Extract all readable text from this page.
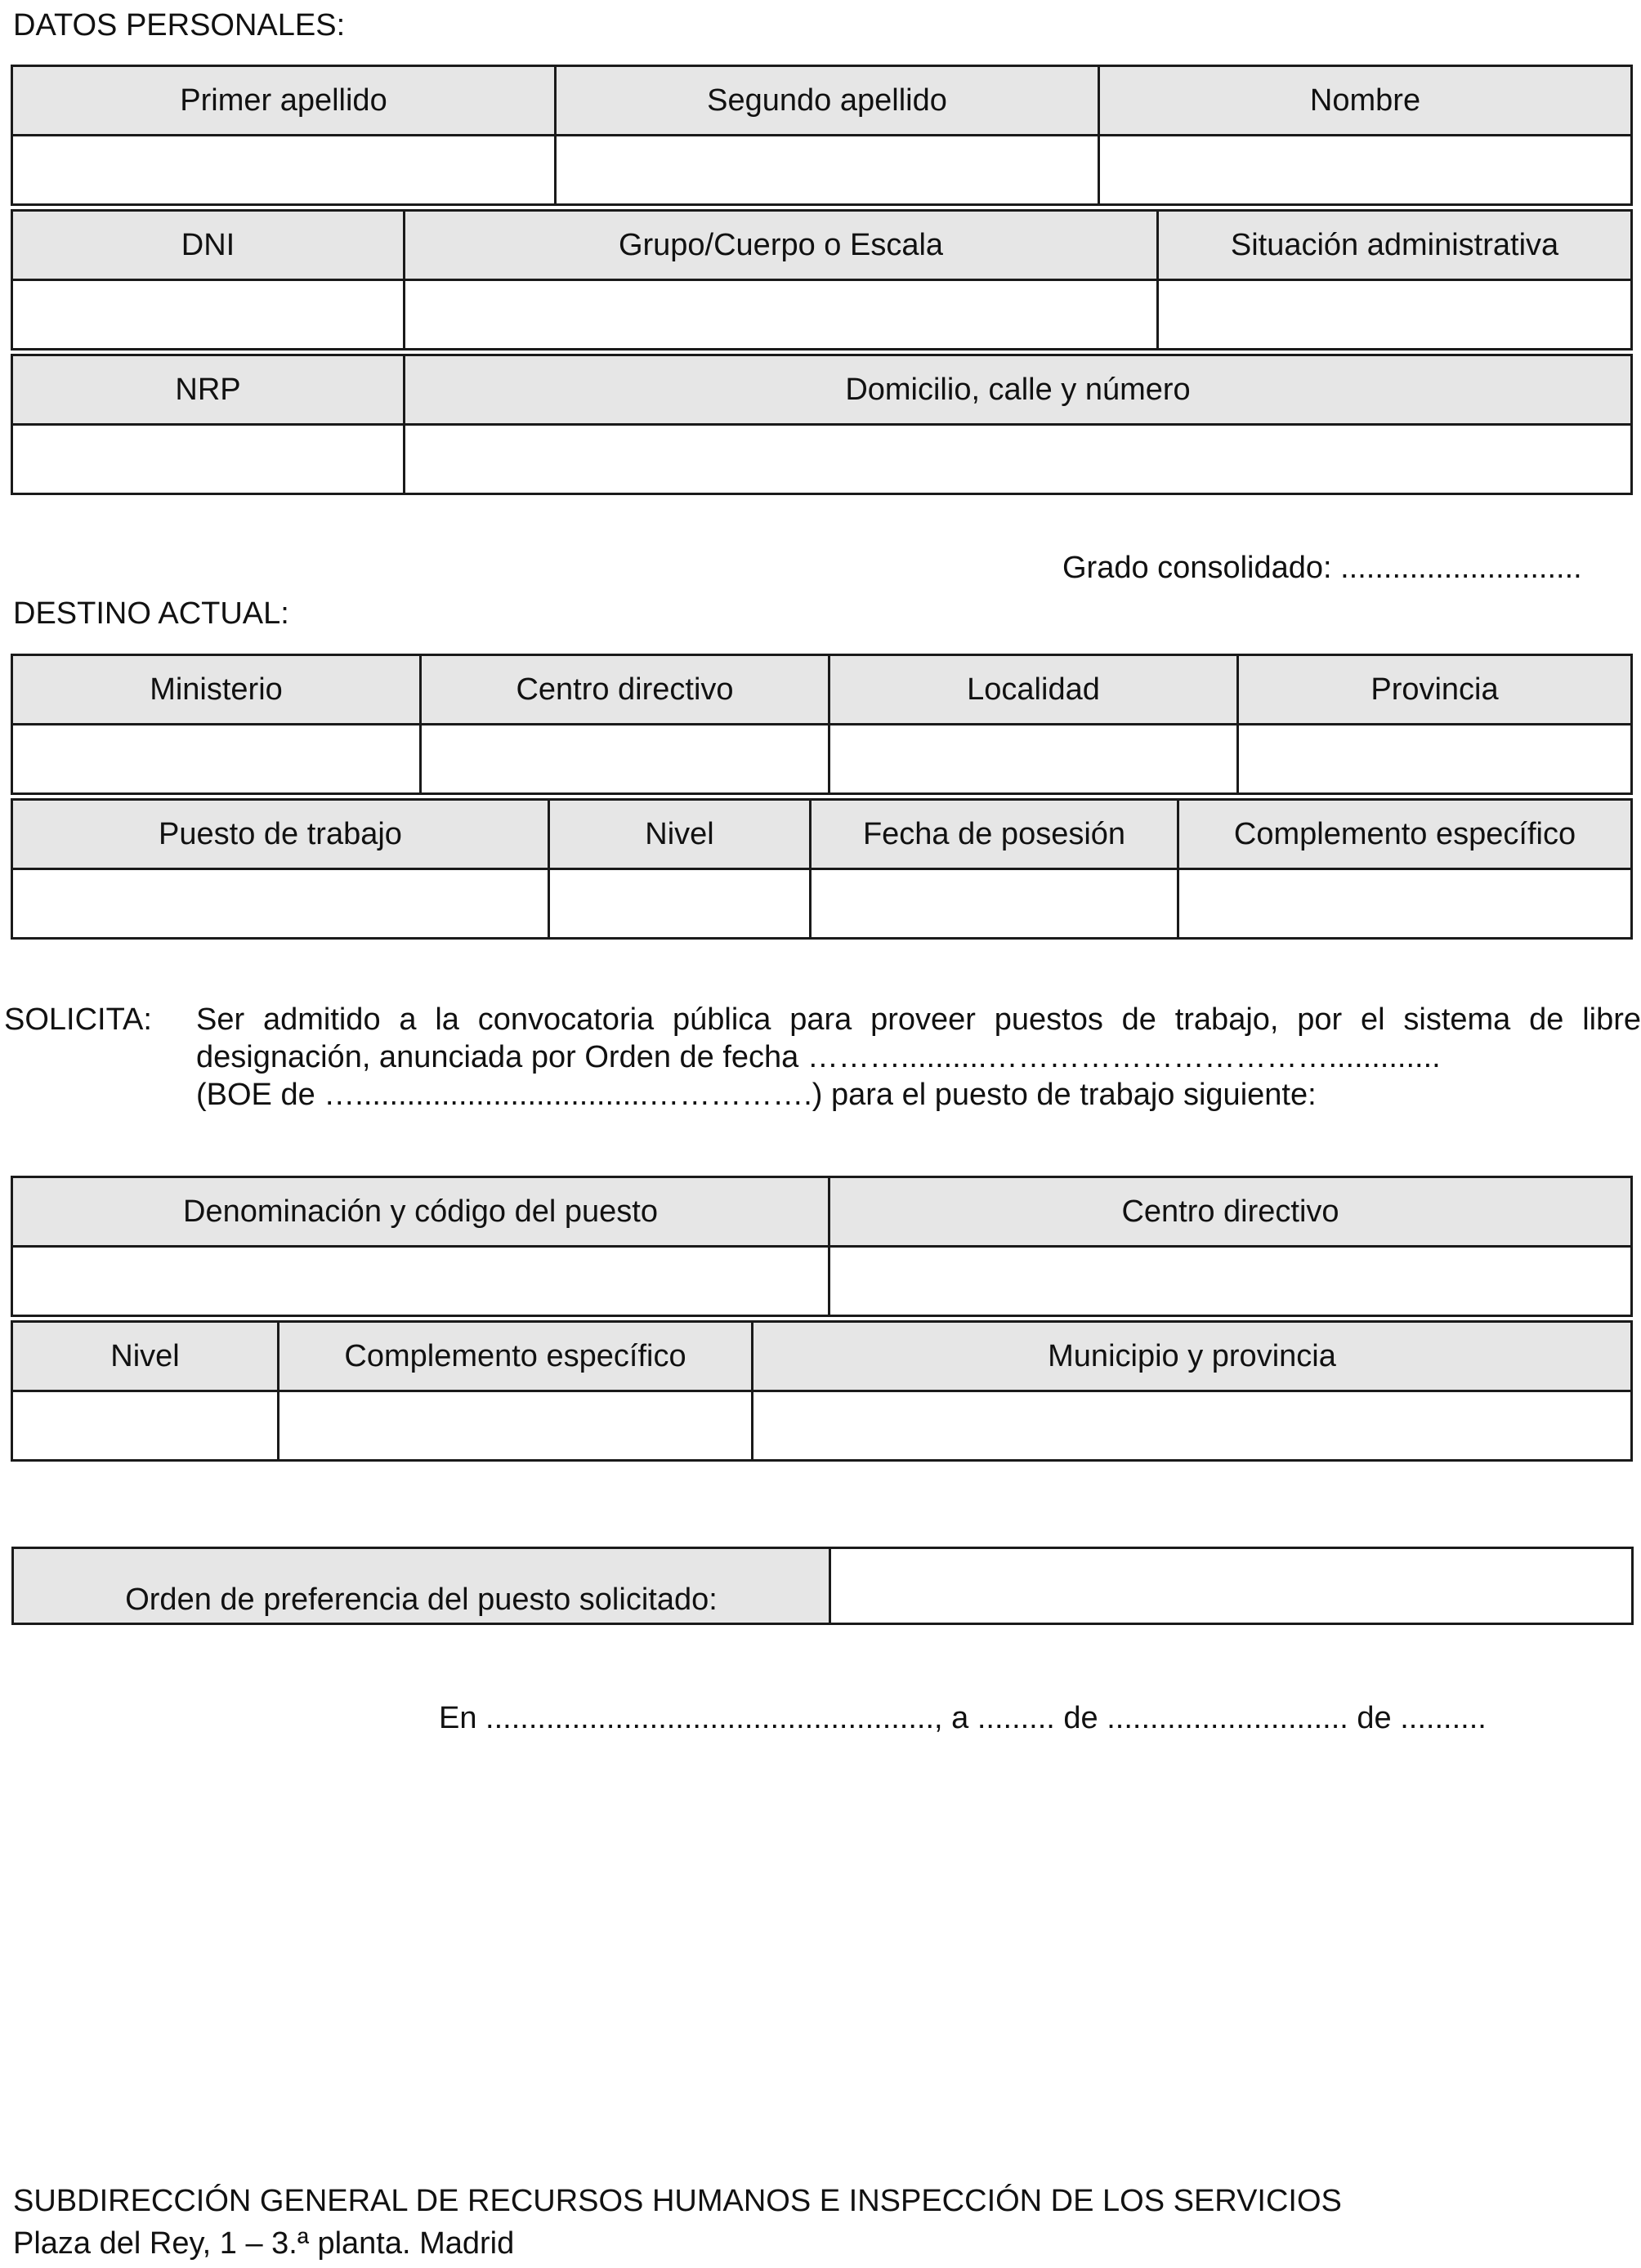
DATOS PERSONALES:
Primer apellido	Segundo apellido	Nombre

DNI	Grupo/Cuerpo o Escala	Situación administrativa

NRP	Domicilio, calle y número

Grado consolidado: ............................
DESTINO ACTUAL:
Ministerio	Centro directivo	Localidad	Provincia

Puesto de trabajo	Nivel	Fecha de posesión	Complemento específico

SOLICITA: Ser admitido a la convocatoria pública para proveer puestos de trabajo, por el sistema de libre
designación, anunciada por Orden de fecha ………..........…………………………….............
(BOE de …..................................…………….) para el puesto de trabajo siguiente:
Denominación y código del puesto	Centro directivo

Nivel	Complemento específico	Municipio y provincia

Orden de preferencia del puesto solicitado:	
En ...................................................., a ......... de ............................ de ..........
SUBDIRECCIÓN GENERAL DE RECURSOS HUMANOS E INSPECCIÓN DE LOS SERVICIOS
Plaza del Rey, 1 – 3.ª planta. Madrid
